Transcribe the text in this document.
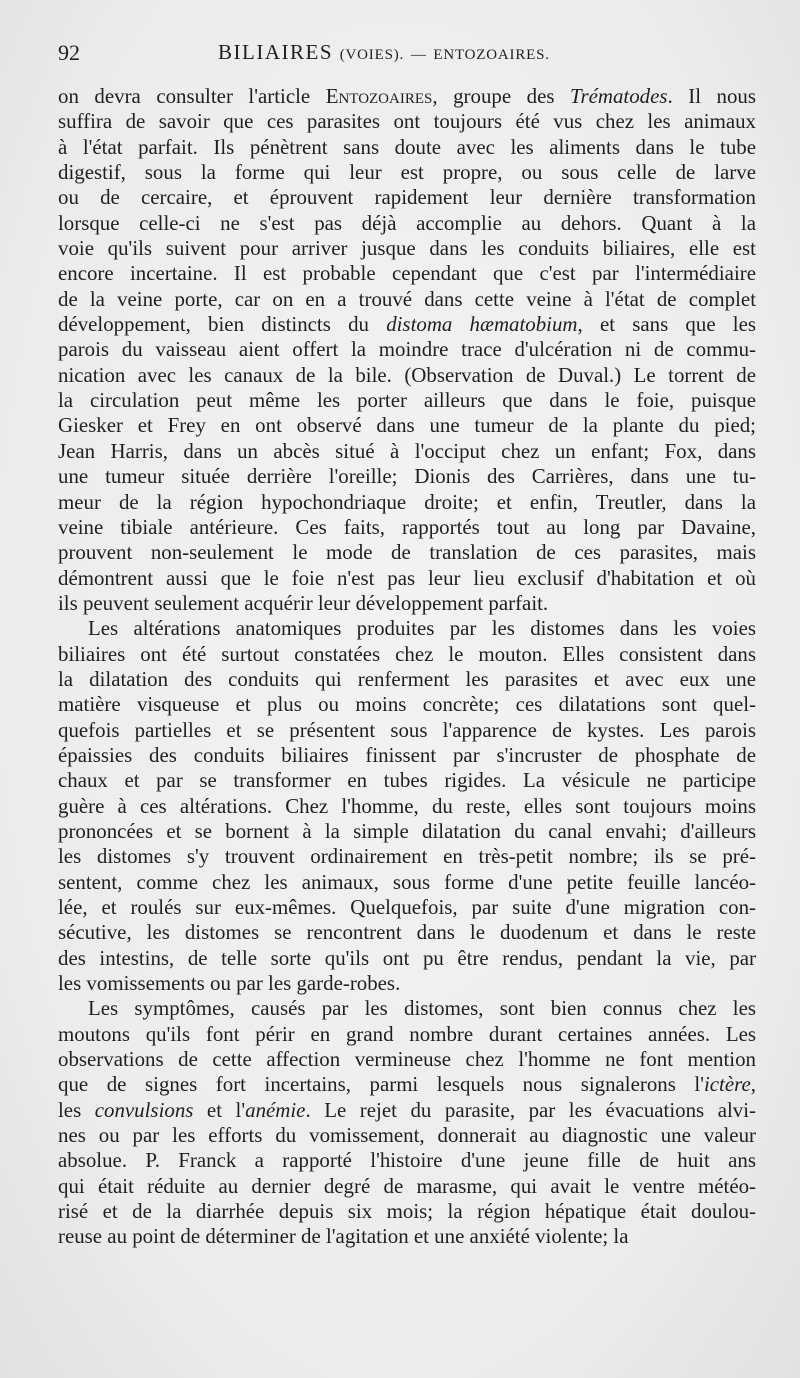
92	BILIAIRES (VOIES). — ENTOZOAIRES.
on devra consulter l'article Entozoaires, groupe des Trématodes. Il nous
suffira de savoir que ces parasites ont toujours été vus chez les animaux
à l'état parfait. Ils pénètrent sans doute avec les aliments dans le tube
digestif, sous la forme qui leur est propre, ou sous celle de larve
ou de cercaire, et éprouvent rapidement leur dernière transformation
lorsque celle-ci ne s'est pas déjà accomplie au dehors. Quant à la
voie qu'ils suivent pour arriver jusque dans les conduits biliaires, elle est
encore incertaine. Il est probable cependant que c'est par l'intermédiaire
de la veine porte, car on en a trouvé dans cette veine à l'état de complet
développement, bien distincts du distoma hæmatobium, et sans que les
parois du vaisseau aient offert la moindre trace d'ulcération ni de commu-
nication avec les canaux de la bile. (Observation de Duval.) Le torrent de
la circulation peut même les porter ailleurs que dans le foie, puisque
Giesker et Frey en ont observé dans une tumeur de la plante du pied;
Jean Harris, dans un abcès situé à l'occiput chez un enfant; Fox, dans
une tumeur située derrière l'oreille; Dionis des Carrières, dans une tu-
meur de la région hypochondriaque droite; et enfin, Treutler, dans la
veine tibiale antérieure. Ces faits, rapportés tout au long par Davaine,
prouvent non-seulement le mode de translation de ces parasites, mais
démontrent aussi que le foie n'est pas leur lieu exclusif d'habitation et où
ils peuvent seulement acquérir leur développement parfait.
Les altérations anatomiques produites par les distomes dans les voies
biliaires ont été surtout constatées chez le mouton. Elles consistent dans
la dilatation des conduits qui renferment les parasites et avec eux une
matière visqueuse et plus ou moins concrète; ces dilatations sont quel-
quefois partielles et se présentent sous l'apparence de kystes. Les parois
épaissies des conduits biliaires finissent par s'incruster de phosphate de
chaux et par se transformer en tubes rigides. La vésicule ne participe
guère à ces altérations. Chez l'homme, du reste, elles sont toujours moins
prononcées et se bornent à la simple dilatation du canal envahi; d'ailleurs
les distomes s'y trouvent ordinairement en très-petit nombre; ils se pré-
sentent, comme chez les animaux, sous forme d'une petite feuille lancéo-
lée, et roulés sur eux-mêmes. Quelquefois, par suite d'une migration con-
sécutive, les distomes se rencontrent dans le duodenum et dans le reste
des intestins, de telle sorte qu'ils ont pu être rendus, pendant la vie, par
les vomissements ou par les garde-robes.
Les symptômes, causés par les distomes, sont bien connus chez les
moutons qu'ils font périr en grand nombre durant certaines années. Les
observations de cette affection vermineuse chez l'homme ne font mention
que de signes fort incertains, parmi lesquels nous signalerons l'ictère,
les convulsions et l'anémie. Le rejet du parasite, par les évacuations alvi-
nes ou par les efforts du vomissement, donnerait au diagnostic une valeur
absolue. P. Franck a rapporté l'histoire d'une jeune fille de huit ans
qui était réduite au dernier degré de marasme, qui avait le ventre météo-
risé et de la diarrhée depuis six mois; la région hépatique était doulou-
reuse au point de déterminer de l'agitation et une anxiété violente; la
